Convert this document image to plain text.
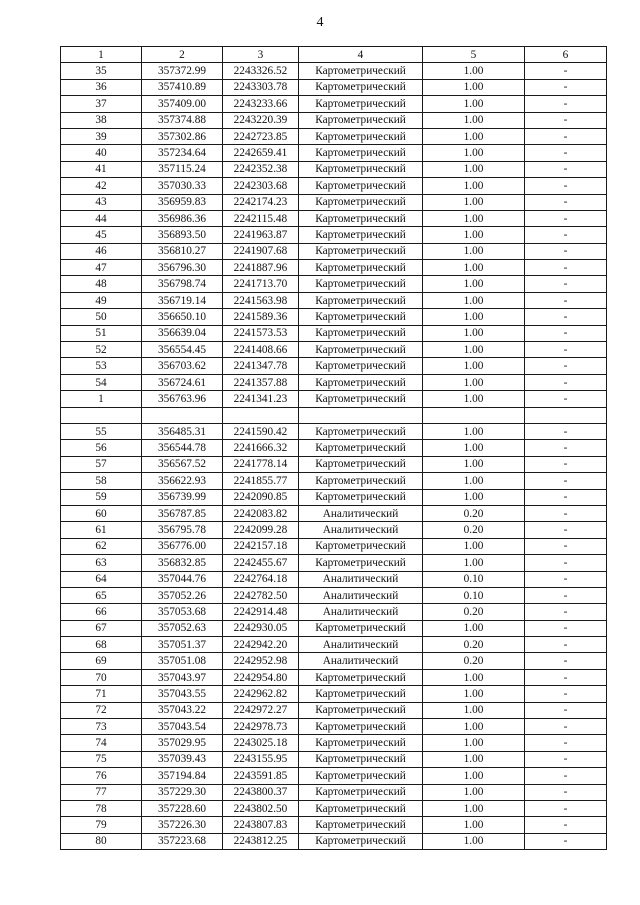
4
1	2	3	4	5	6
35	357372.99	2243326.52	Картометрический	1.00	-
36	357410.89	2243303.78	Картометрический	1.00	-
37	357409.00	2243233.66	Картометрический	1.00	-
38	357374.88	2243220.39	Картометрический	1.00	-
39	357302.86	2242723.85	Картометрический	1.00	-
40	357234.64	2242659.41	Картометрический	1.00	-
41	357115.24	2242352.38	Картометрический	1.00	-
42	357030.33	2242303.68	Картометрический	1.00	-
43	356959.83	2242174.23	Картометрический	1.00	-
44	356986.36	2242115.48	Картометрический	1.00	-
45	356893.50	2241963.87	Картометрический	1.00	-
46	356810.27	2241907.68	Картометрический	1.00	-
47	356796.30	2241887.96	Картометрический	1.00	-
48	356798.74	2241713.70	Картометрический	1.00	-
49	356719.14	2241563.98	Картометрический	1.00	-
50	356650.10	2241589.36	Картометрический	1.00	-
51	356639.04	2241573.53	Картометрический	1.00	-
52	356554.45	2241408.66	Картометрический	1.00	-
53	356703.62	2241347.78	Картометрический	1.00	-
54	356724.61	2241357.88	Картометрический	1.00	-
1	356763.96	2241341.23	Картометрический	1.00	-

55	356485.31	2241590.42	Картометрический	1.00	-
56	356544.78	2241666.32	Картометрический	1.00	-
57	356567.52	2241778.14	Картометрический	1.00	-
58	356622.93	2241855.77	Картометрический	1.00	-
59	356739.99	2242090.85	Картометрический	1.00	-
60	356787.85	2242083.82	Аналитический	0.20	-
61	356795.78	2242099.28	Аналитический	0.20	-
62	356776.00	2242157.18	Картометрический	1.00	-
63	356832.85	2242455.67	Картометрический	1.00	-
64	357044.76	2242764.18	Аналитический	0.10	-
65	357052.26	2242782.50	Аналитический	0.10	-
66	357053.68	2242914.48	Аналитический	0.20	-
67	357052.63	2242930.05	Картометрический	1.00	-
68	357051.37	2242942.20	Аналитический	0.20	-
69	357051.08	2242952.98	Аналитический	0.20	-
70	357043.97	2242954.80	Картометрический	1.00	-
71	357043.55	2242962.82	Картометрический	1.00	-
72	357043.22	2242972.27	Картометрический	1.00	-
73	357043.54	2242978.73	Картометрический	1.00	-
74	357029.95	2243025.18	Картометрический	1.00	-
75	357039.43	2243155.95	Картометрический	1.00	-
76	357194.84	2243591.85	Картометрический	1.00	-
77	357229.30	2243800.37	Картометрический	1.00	-
78	357228.60	2243802.50	Картометрический	1.00	-
79	357226.30	2243807.83	Картометрический	1.00	-
80	357223.68	2243812.25	Картометрический	1.00	-
